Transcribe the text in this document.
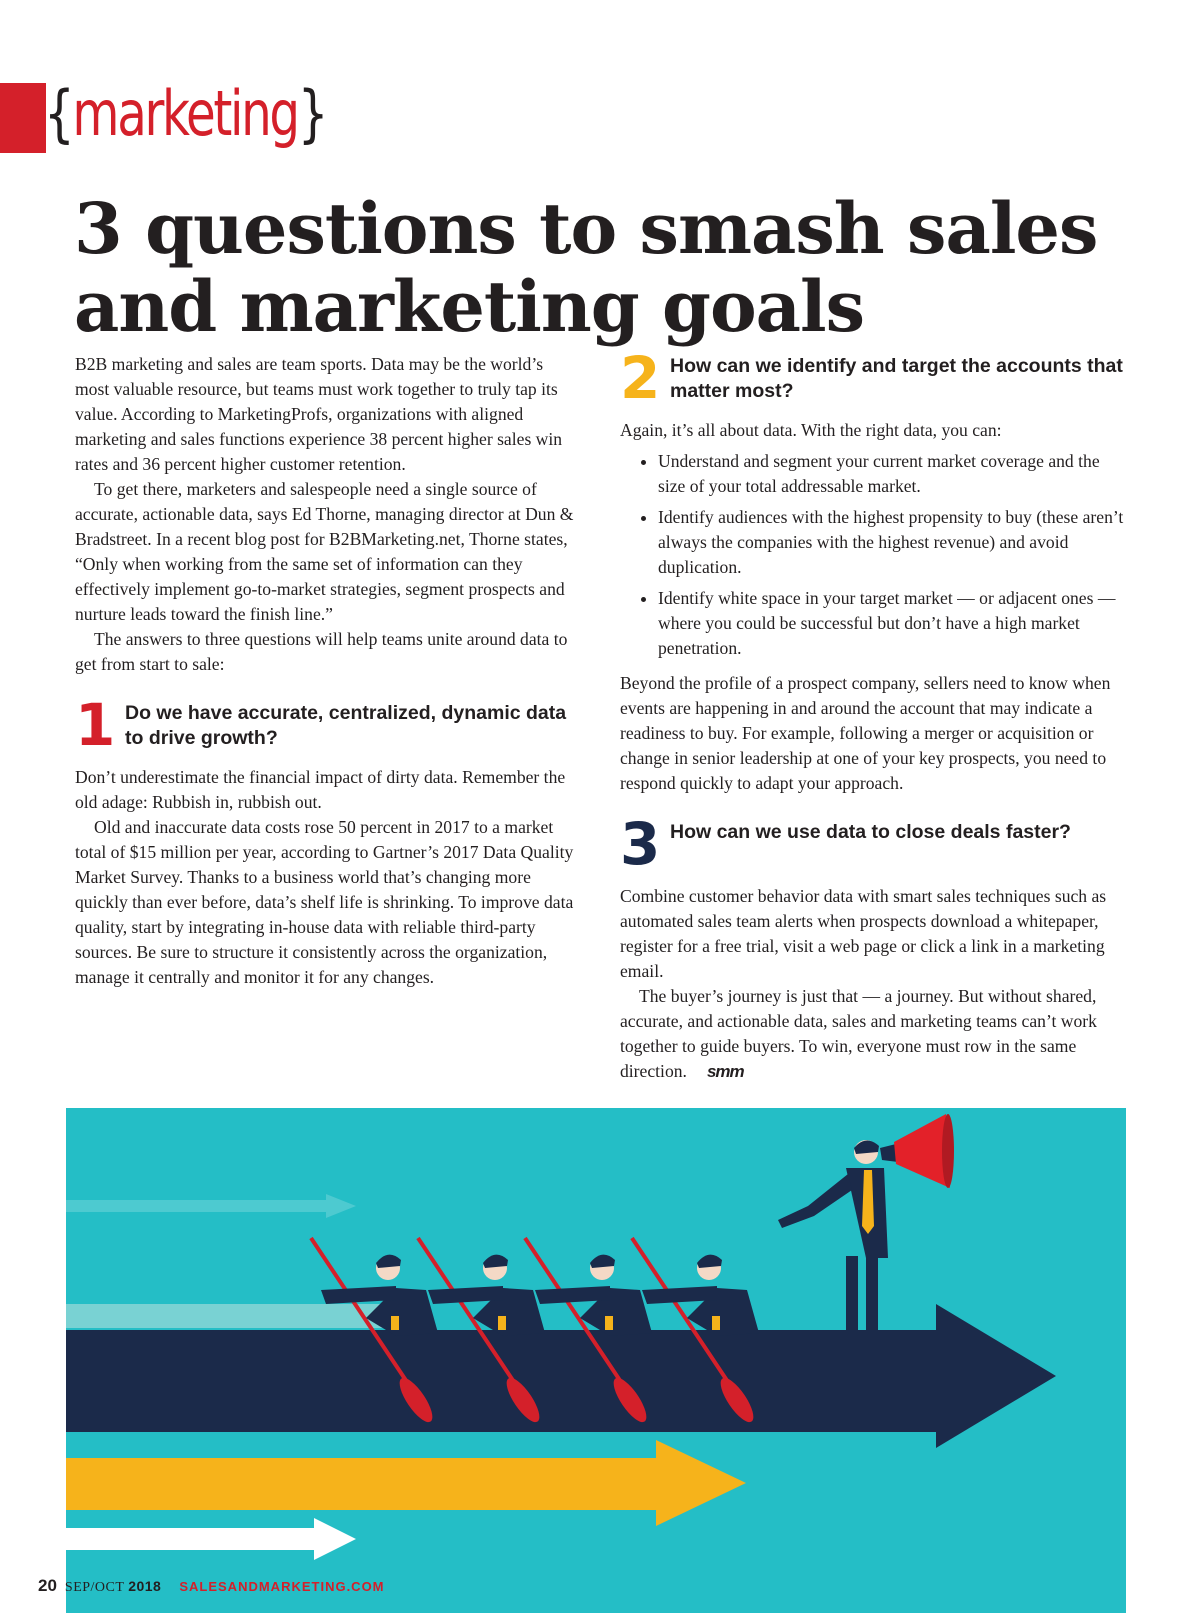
{marketing}
3 questions to smash sales and marketing goals

B2B marketing and sales are team sports. Data may be the world’s most valuable resource, but teams must work together to truly tap its value. According to MarketingProfs, organizations with aligned marketing and sales functions experience 38 percent higher sales win rates and 36 percent higher customer retention.

To get there, marketers and salespeople need a single source of accurate, actionable data, says Ed Thorne, managing director at Dun & Bradstreet. In a recent blog post for B2BMarketing.net, Thorne states, “Only when working from the same set of information can they effectively implement go-to-market strategies, segment prospects and nurture leads toward the finish line.”

The answers to three questions will help teams unite around data to get from start to sale:

1 Do we have accurate, centralized, dynamic data to drive growth?

Don’t underestimate the financial impact of dirty data. Remember the old adage: Rubbish in, rubbish out.

Old and inaccurate data costs rose 50 percent in 2017 to a market total of $15 million per year, according to Gartner’s 2017 Data Quality Market Survey. Thanks to a business world that’s changing more quickly than ever before, data’s shelf life is shrinking. To improve data quality, start by integrating in-house data with reliable third-party sources. Be sure to structure it consistently across the organization, manage it centrally and monitor it for any changes.

2 How can we identify and target the accounts that matter most?

Again, it’s all about data. With the right data, you can:

• Understand and segment your current market coverage and the size of your total addressable market.
• Identify audiences with the highest propensity to buy (these aren’t always the companies with the highest revenue) and avoid duplication.
• Identify white space in your target market — or adjacent ones — where you could be successful but don’t have a high market penetration.

Beyond the profile of a prospect company, sellers need to know when events are happening in and around the account that may indicate a readiness to buy. For example, following a merger or acquisition or change in senior leadership at one of your key prospects, you need to respond quickly to adapt your approach.

3 How can we use data to close deals faster?

Combine customer behavior data with smart sales techniques such as automated sales team alerts when prospects download a whitepaper, register for a free trial, visit a web page or click a link in a marketing email.

The buyer’s journey is just that — a journey. But without shared, accurate, and actionable data, sales and marketing teams can’t work together to guide buyers. To win, everyone must row in the same direction. smm

20 SEP/OCT 2018 SALESANDMARKETING.COM
